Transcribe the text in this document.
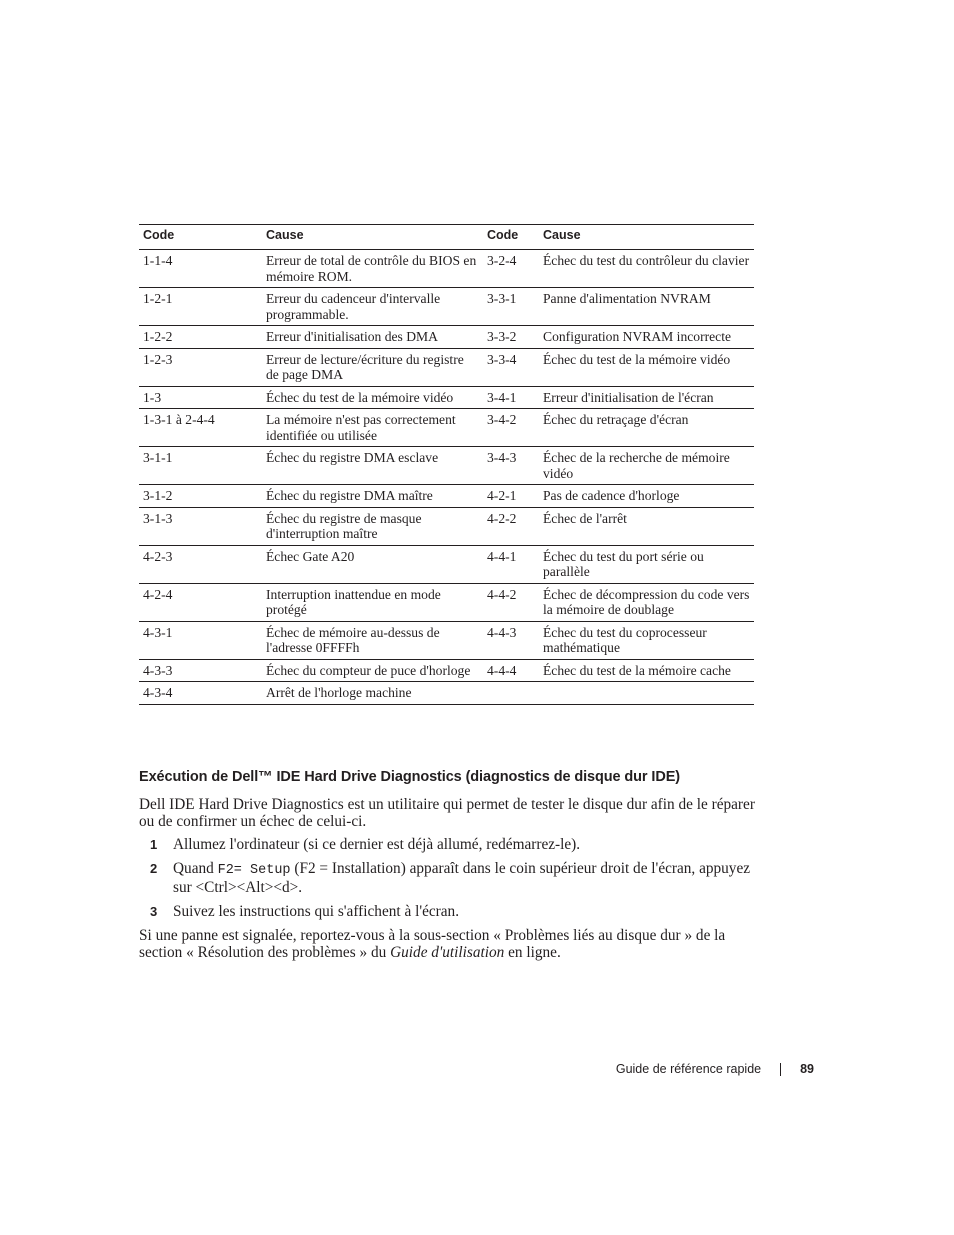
Code	Cause	Code	Cause
1-1-4	Erreur de total de contrôle du BIOS en mémoire ROM.	3-2-4	Échec du test du contrôleur du clavier
1-2-1	Erreur du cadenceur d'intervalle programmable.	3-3-1	Panne d'alimentation NVRAM
1-2-2	Erreur d'initialisation des DMA	3-3-2	Configuration NVRAM incorrecte
1-2-3	Erreur de lecture/écriture du registre de page DMA	3-3-4	Échec du test de la mémoire vidéo
1-3	Échec du test de la mémoire vidéo	3-4-1	Erreur d'initialisation de l'écran
1-3-1 à 2-4-4	La mémoire n'est pas correctement identifiée ou utilisée	3-4-2	Échec du retraçage d'écran
3-1-1	Échec du registre DMA esclave	3-4-3	Échec de la recherche de mémoire vidéo
3-1-2	Échec du registre DMA maître	4-2-1	Pas de cadence d'horloge
3-1-3	Échec du registre de masque d'interruption maître	4-2-2	Échec de l'arrêt
4-2-3	Échec Gate A20	4-4-1	Échec du test du port série ou parallèle
4-2-4	Interruption inattendue en mode protégé	4-4-2	Échec de décompression du code vers la mémoire de doublage
4-3-1	Échec de mémoire au-dessus de l'adresse 0FFFFh	4-4-3	Échec du test du coprocesseur mathématique
4-3-3	Échec du compteur de puce d'horloge	4-4-4	Échec du test de la mémoire cache
4-3-4	Arrêt de l'horloge machine		
Exécution de Dell™ IDE Hard Drive Diagnostics (diagnostics de disque dur IDE)

Dell IDE Hard Drive Diagnostics est un utilitaire qui permet de tester le disque dur afin de le réparer ou de confirmer un échec de celui-ci.

1 Allumez l'ordinateur (si ce dernier est déjà allumé, redémarrez-le).
2 Quand F2= Setup (F2 = Installation) apparaît dans le coin supérieur droit de l'écran, appuyez sur <Ctrl><Alt><d>.
3 Suivez les instructions qui s'affichent à l'écran.

Si une panne est signalée, reportez-vous à la sous-section « Problèmes liés au disque dur » de la section « Résolution des problèmes » du Guide d'utilisation en ligne.

Guide de référence rapide	89
